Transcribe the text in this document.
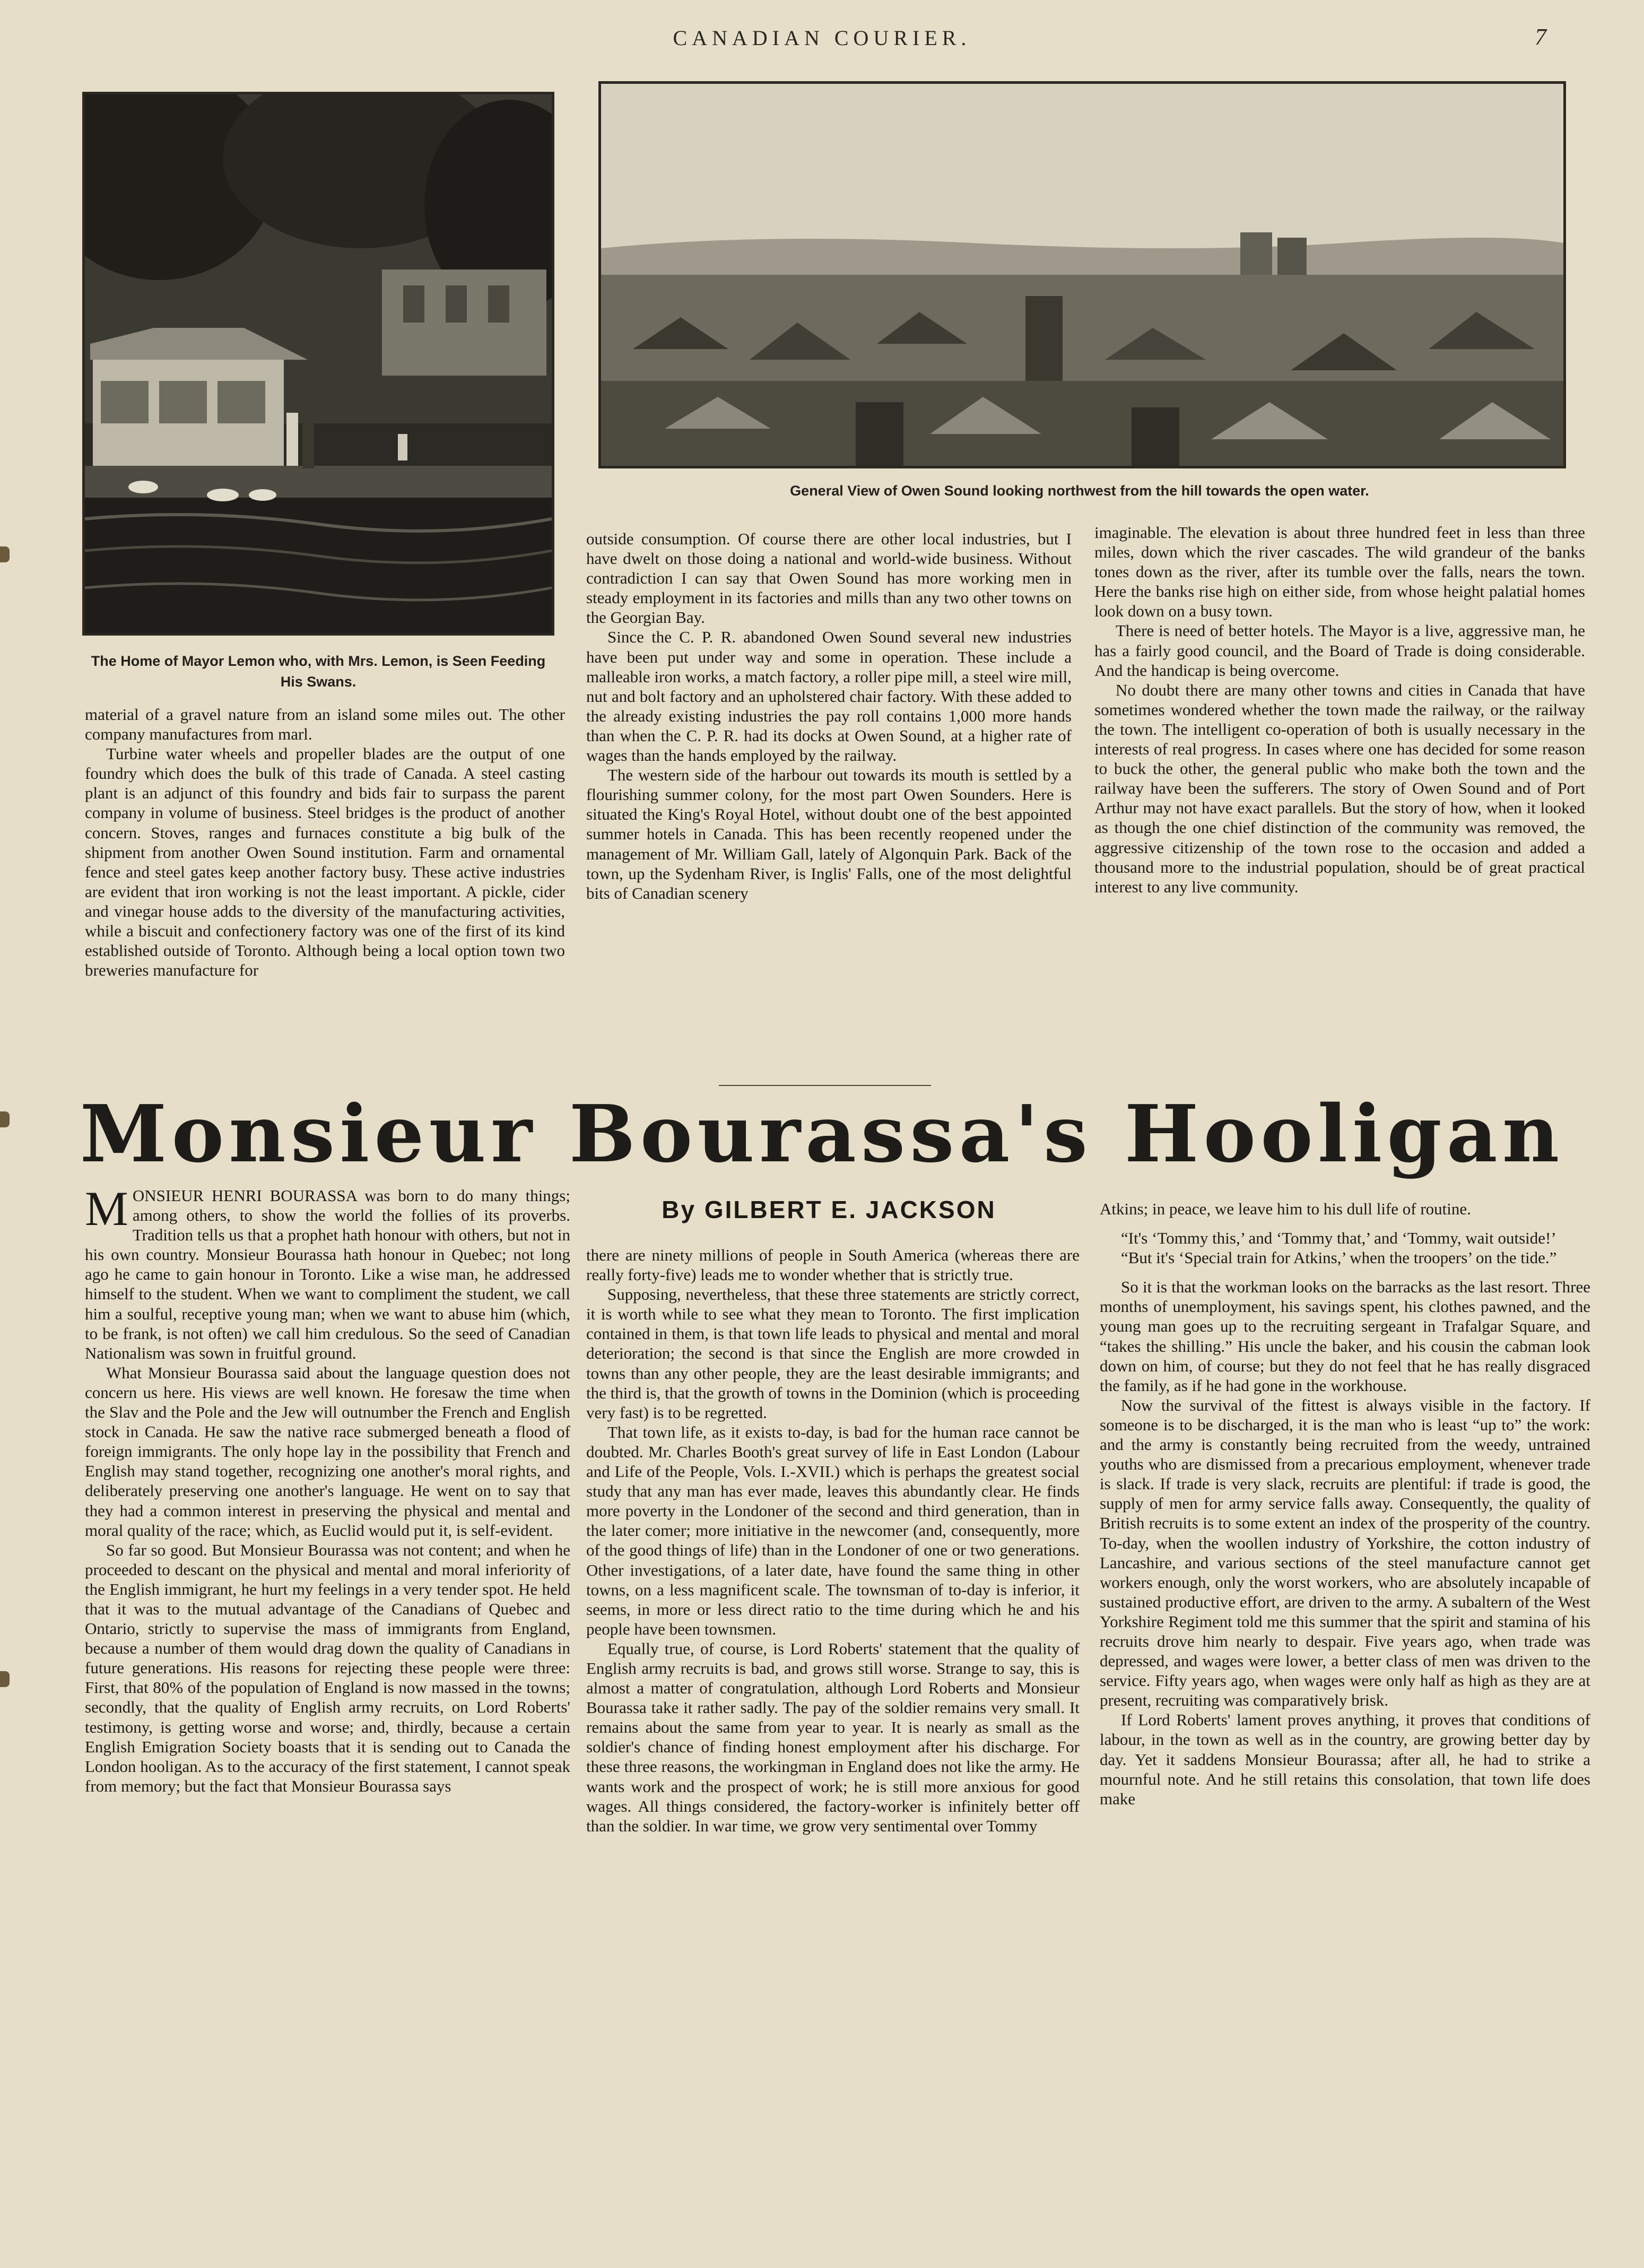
CANADIAN COURIER.	7
The Home of Mayor Lemon who, with Mrs. Lemon, is Seen Feeding His Swans.
General View of Owen Sound looking northwest from the hill towards the open water.

material of a gravel nature from an island some miles out. The other company manufactures from marl.

Turbine water wheels and propeller blades are the output of one foundry which does the bulk of this trade of Canada. A steel casting plant is an adjunct of this foundry and bids fair to surpass the parent company in volume of business. Steel bridges is the product of another concern. Stoves, ranges and furnaces constitute a big bulk of the shipment from another Owen Sound institution. Farm and ornamental fence and steel gates keep another factory busy. These active industries are evident that iron working is not the least important. A pickle, cider and vinegar house adds to the diversity of the manufacturing activities, while a biscuit and confectionery factory was one of the first of its kind established outside of Toronto. Although being a local option town two breweries manufacture for

outside consumption. Of course there are other local industries, but I have dwelt on those doing a national and world-wide business. Without contradiction I can say that Owen Sound has more working men in steady employment in its factories and mills than any two other towns on the Georgian Bay.

Since the C. P. R. abandoned Owen Sound several new industries have been put under way and some in operation. These include a malleable iron works, a match factory, a roller pipe mill, a steel wire mill, nut and bolt factory and an upholstered chair factory. With these added to the already existing industries the pay roll contains 1,000 more hands than when the C. P. R. had its docks at Owen Sound, at a higher rate of wages than the hands employed by the railway.

The western side of the harbour out towards its mouth is settled by a flourishing summer colony, for the most part Owen Sounders. Here is situated the King's Royal Hotel, without doubt one of the best appointed summer hotels in Canada. This has been recently reopened under the management of Mr. William Gall, lately of Algonquin Park. Back of the town, up the Sydenham River, is Inglis' Falls, one of the most delightful bits of Canadian scenery

imaginable. The elevation is about three hundred feet in less than three miles, down which the river cascades. The wild grandeur of the banks tones down as the river, after its tumble over the falls, nears the town. Here the banks rise high on either side, from whose height palatial homes look down on a busy town.

There is need of better hotels. The Mayor is a live, aggressive man, he has a fairly good council, and the Board of Trade is doing considerable. And the handicap is being overcome.

No doubt there are many other towns and cities in Canada that have sometimes wondered whether the town made the railway, or the railway the town. The intelligent co-operation of both is usually necessary in the interests of real progress. In cases where one has decided for some reason to buck the other, the general public who make both the town and the railway have been the sufferers. The story of Owen Sound and of Port Arthur may not have exact parallels. But the story of how, when it looked as though the one chief distinction of the community was removed, the aggressive citizenship of the town rose to the occasion and added a thousand more to the industrial population, should be of great practical interest to any live community.

Monsieur Bourassa's Hooligan
By GILBERT E. JACKSON

MONSIEUR HENRI BOURASSA was born to do many things; among others, to show the world the follies of its proverbs. Tradition tells us that a prophet hath honour with others, but not in his own country. Monsieur Bourassa hath honour in Quebec; not long ago he came to gain honour in Toronto. Like a wise man, he addressed himself to the student. When we want to compliment the student, we call him a soulful, receptive young man; when we want to abuse him (which, to be frank, is not often) we call him credulous. So the seed of Canadian Nationalism was sown in fruitful ground.

What Monsieur Bourassa said about the language question does not concern us here. His views are well known. He foresaw the time when the Slav and the Pole and the Jew will outnumber the French and English stock in Canada. He saw the native race submerged beneath a flood of foreign immigrants. The only hope lay in the possibility that French and English may stand together, recognizing one another's moral rights, and deliberately preserving one another's language. He went on to say that they had a common interest in preserving the physical and mental and moral quality of the race; which, as Euclid would put it, is self-evident.

So far so good. But Monsieur Bourassa was not content; and when he proceeded to descant on the physical and mental and moral inferiority of the English immigrant, he hurt my feelings in a very tender spot. He held that it was to the mutual advantage of the Canadians of Quebec and Ontario, strictly to supervise the mass of immigrants from England, because a number of them would drag down the quality of Canadians in future generations. His reasons for rejecting these people were three: First, that 80% of the population of England is now massed in the towns; secondly, that the quality of English army recruits, on Lord Roberts' testimony, is getting worse and worse; and, thirdly, because a certain English Emigration Society boasts that it is sending out to Canada the London hooligan. As to the accuracy of the first statement, I cannot speak from memory; but the fact that Monsieur Bourassa says

there are ninety millions of people in South America (whereas there are really forty-five) leads me to wonder whether that is strictly true.

Supposing, nevertheless, that these three statements are strictly correct, it is worth while to see what they mean to Toronto. The first implication contained in them, is that town life leads to physical and mental and moral deterioration; the second is that since the English are more crowded in towns than any other people, they are the least desirable immigrants; and the third is, that the growth of towns in the Dominion (which is proceeding very fast) is to be regretted.

That town life, as it exists to-day, is bad for the human race cannot be doubted. Mr. Charles Booth's great survey of life in East London (Labour and Life of the People, Vols. I.-XVII.) which is perhaps the greatest social study that any man has ever made, leaves this abundantly clear. He finds more poverty in the Londoner of the second and third generation, than in the later comer; more initiative in the newcomer (and, consequently, more of the good things of life) than in the Londoner of one or two generations. Other investigations, of a later date, have found the same thing in other towns, on a less magnificent scale. The townsman of to-day is inferior, it seems, in more or less direct ratio to the time during which he and his people have been townsmen.

Equally true, of course, is Lord Roberts' statement that the quality of English army recruits is bad, and grows still worse. Strange to say, this is almost a matter of congratulation, although Lord Roberts and Monsieur Bourassa take it rather sadly. The pay of the soldier remains very small. It remains about the same from year to year. It is nearly as small as the soldier's chance of finding honest employment after his discharge. For these three reasons, the workingman in England does not like the army. He wants work and the prospect of work; he is still more anxious for good wages. All things considered, the factory-worker is infinitely better off than the soldier. In war time, we grow very sentimental over Tommy

Atkins; in peace, we leave him to his dull life of routine.

“It's ‘Tommy this,’ and ‘Tommy that,’ and ‘Tommy, wait outside!’

“But it's ‘Special train for Atkins,’ when the troopers’ on the tide.”

So it is that the workman looks on the barracks as the last resort. Three months of unemployment, his savings spent, his clothes pawned, and the young man goes up to the recruiting sergeant in Trafalgar Square, and “takes the shilling.” His uncle the baker, and his cousin the cabman look down on him, of course; but they do not feel that he has really disgraced the family, as if he had gone in the workhouse.

Now the survival of the fittest is always visible in the factory. If someone is to be discharged, it is the man who is least “up to” the work: and the army is constantly being recruited from the weedy, untrained youths who are dismissed from a precarious employment, whenever trade is slack. If trade is very slack, recruits are plentiful: if trade is good, the supply of men for army service falls away. Consequently, the quality of British recruits is to some extent an index of the prosperity of the country. To-day, when the woollen industry of Yorkshire, the cotton industry of Lancashire, and various sections of the steel manufacture cannot get workers enough, only the worst workers, who are absolutely incapable of sustained productive effort, are driven to the army. A subaltern of the West Yorkshire Regiment told me this summer that the spirit and stamina of his recruits drove him nearly to despair. Five years ago, when trade was depressed, and wages were lower, a better class of men was driven to the service. Fifty years ago, when wages were only half as high as they are at present, recruiting was comparatively brisk.

If Lord Roberts' lament proves anything, it proves that conditions of labour, in the town as well as in the country, are growing better day by day. Yet it saddens Monsieur Bourassa; after all, he had to strike a mournful note. And he still retains this consolation, that town life does make
